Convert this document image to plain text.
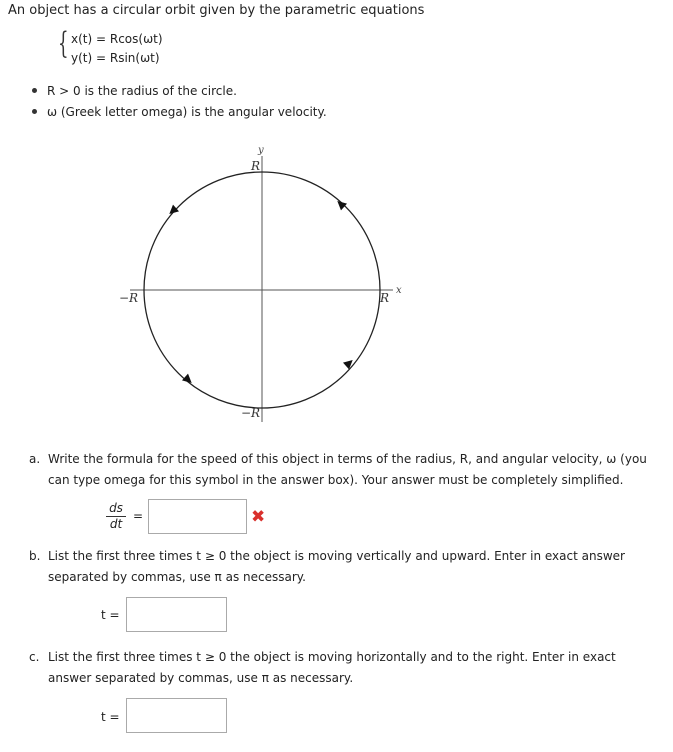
An object has a circular orbit given by the parametric equations
{ x(t) = Rcos(ωt)
y(t) = Rsin(ωt)
R > 0 is the radius of the circle.
ω (Greek letter omega) is the angular velocity.
y
x
R
−R
−R	R
a. Write the formula for the speed of this object in terms of the radius, R, and angular velocity, ω (you can type omega for this symbol in the answer box). Your answer must be completely simplified.
$\frac{ds}{dt}$ =	✖
b. List the first three times t ≥ 0 the object is moving vertically and upward. Enter in exact answer separated by commas, use π as necessary.
t =
c. List the first three times t ≥ 0 the object is moving horizontally and to the right. Enter in exact answer separated by commas, use π as necessary.
t =
